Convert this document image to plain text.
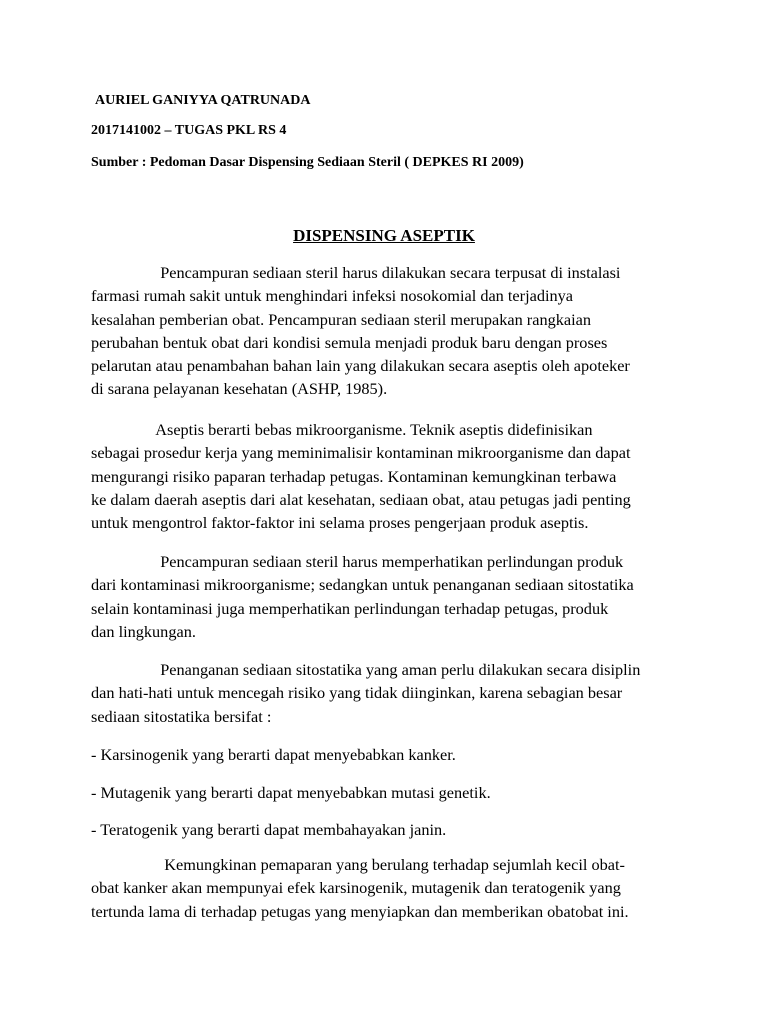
AURIEL GANIYYA QATRUNADA
2017141002 – TUGAS PKL RS 4
Sumber : Pedoman Dasar Dispensing Sediaan Steril ( DEPKES RI 2009)
DISPENSING ASEPTIK
Pencampuran sediaan steril harus dilakukan secara terpusat di instalasi
farmasi rumah sakit untuk menghindari infeksi nosokomial dan terjadinya
kesalahan pemberian obat. Pencampuran sediaan steril merupakan rangkaian
perubahan bentuk obat dari kondisi semula menjadi produk baru dengan proses
pelarutan atau penambahan bahan lain yang dilakukan secara aseptis oleh apoteker
di sarana pelayanan kesehatan (ASHP, 1985).
Aseptis berarti bebas mikroorganisme. Teknik aseptis didefinisikan
sebagai prosedur kerja yang meminimalisir kontaminan mikroorganisme dan dapat
mengurangi risiko paparan terhadap petugas. Kontaminan kemungkinan terbawa
ke dalam daerah aseptis dari alat kesehatan, sediaan obat, atau petugas jadi penting
untuk mengontrol faktor-faktor ini selama proses pengerjaan produk aseptis.
Pencampuran sediaan steril harus memperhatikan perlindungan produk
dari kontaminasi mikroorganisme; sedangkan untuk penanganan sediaan sitostatika
selain kontaminasi juga memperhatikan perlindungan terhadap petugas, produk
dan lingkungan.
Penanganan sediaan sitostatika yang aman perlu dilakukan secara disiplin
dan hati-hati untuk mencegah risiko yang tidak diinginkan, karena sebagian besar
sediaan sitostatika bersifat :
- Karsinogenik yang berarti dapat menyebabkan kanker.
- Mutagenik yang berarti dapat menyebabkan mutasi genetik.
- Teratogenik yang berarti dapat membahayakan janin.
Kemungkinan pemaparan yang berulang terhadap sejumlah kecil obat-
obat kanker akan mempunyai efek karsinogenik, mutagenik dan teratogenik yang
tertunda lama di terhadap petugas yang menyiapkan dan memberikan obatobat ini.
